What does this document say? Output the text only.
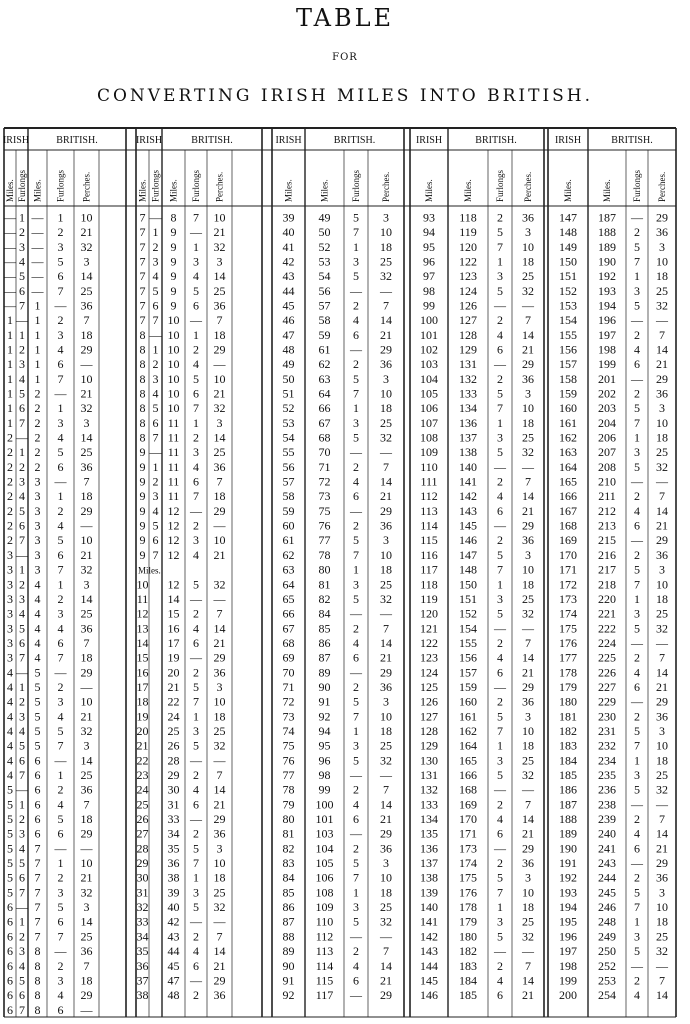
TABLE
FOR
CONVERTING IRISH MILES INTO BRITISH.
IRISH	BRITISH.
Miles. Furlongs Miles. Furlongs Perches.
— 1 — 1 10
— 2 — 2 21
— 3 — 3 32
— 4 — 5 3
— 5 — 6 14
— 6 — 7 25
— 7 1 — 36
1 — 1 2 7
1 1 1 3 18
1 2 1 4 29
1 3 1 6 —
1 4 1 7 10
1 5 2 — 21
1 6 2 1 32
1 7 2 3 3
2 — 2 4 14
2 1 2 5 25
2 2 2 6 36
2 3 3 — 7
2 4 3 1 18
2 5 3 2 29
2 6 3 4 —
2 7 3 5 10
3 — 3 6 21
3 1 3 7 32
3 2 4 1 3
3 3 4 2 14
3 4 4 3 25
3 5 4 4 36
3 6 4 6 7
3 7 4 7 18
4 — 5 — 29
4 1 5 2 —
4 2 5 3 10
4 3 5 4 21
4 4 5 5 32
4 5 5 7 3
4 6 6 — 14
4 7 6 1 25
5 — 6 2 36
5 1 6 4 7
5 2 6 5 18
5 3 6 6 29
5 4 7 — —
5 5 7 1 10
5 6 7 2 21
5 7 7 3 32
6 — 7 5 3
6 1 7 6 14
6 2 7 7 25
6 3 8 — 36
6 4 8 2 7
6 5 8 3 18
6 6 8 4 29
6 7 8 6 —
IRISH	BRITISH.
Miles. Furlongs Miles. Furlongs Perches.
7 — 8 7 10
7 1 9 — 21
7 2 9 1 32
7 3 9 3 3
7 4 9 4 14
7 5 9 5 25
7 6 9 6 36
7 7 10 — 7
8 — 10 1 18
8 1 10 2 29
8 2 10 4 —
8 3 10 5 10
8 4 10 6 21
8 5 10 7 32
8 6 11 1 3
8 7 11 2 14
9 — 11 3 25
9 1 11 4 36
9 2 11 6 7
9 3 11 7 18
9 4 12 — 29
9 5 12 2 —
9 6 12 3 10
9 7 12 4 21
Miles.
10 12 5 32
11 14 — —
12 15 2 7
13 16 4 14
14 17 6 21
15 19 — 29
16 20 2 36
17 21 5 3
18 22 7 10
19 24 1 18
20 25 3 25
21 26 5 32
22 28 — —
23 29 2 7
24 30 4 14
25 31 6 21
26 33 — 29
27 34 2 36
28 35 5 3
29 36 7 10
30 38 1 18
31 39 3 25
32 40 5 32
33 42 — —
34 43 2 7
35 44 4 14
36 45 6 21
37 47 — 29
38 48 2 36
IRISH	BRITISH.
Miles.	Miles. Furlongs Perches.
39 49 5 3
40 50 7 10
41 52 1 18
42 53 3 25
43 54 5 32
44 56 — —
45 57 2 7
46 58 4 14
47 59 6 21
48 61 — 29
49 62 2 36
50 63 5 3
51 64 7 10
52 66 1 18
53 67 3 25
54 68 5 32
55 70 — —
56 71 2 7
57 72 4 14
58 73 6 21
59 75 — 29
60 76 2 36
61 77 5 3
62 78 7 10
63 80 1 18
64 81 3 25
65 82 5 32
66 84 — —
67 85 2 7
68 86 4 14
69 87 6 21
70 89 — 29
71 90 2 36
72 91 5 3
73 92 7 10
74 94 1 18
75 95 3 25
76 96 5 32
77 98 — —
78 99 2 7
79 100 4 14
80 101 6 21
81 103 — 29
82 104 2 36
83 105 5 3
84 106 7 10
85 108 1 18
86 109 3 25
87 110 5 32
88 112 — —
89 113 2 7
90 114 4 14
91 115 6 21
92 117 — 29
IRISH	BRITISH.
Miles.	Miles. Furlongs Perches.
93 118 2 36
94 119 5 3
95 120 7 10
96 122 1 18
97 123 3 25
98 124 5 32
99 126 — —
100 127 2 7
101 128 4 14
102 129 6 21
103 131 — 29
104 132 2 36
105 133 5 3
106 134 7 10
107 136 1 18
108 137 3 25
109 138 5 32
110 140 — —
111 141 2 7
112 142 4 14
113 143 6 21
114 145 — 29
115 146 2 36
116 147 5 3
117 148 7 10
118 150 1 18
119 151 3 25
120 152 5 32
121 154 — —
122 155 2 7
123 156 4 14
124 157 6 21
125 159 — 29
126 160 2 36
127 161 5 3
128 162 7 10
129 164 1 18
130 165 3 25
131 166 5 32
132 168 — —
133 169 2 7
134 170 4 14
135 171 6 21
136 173 — 29
137 174 2 36
138 175 5 3
139 176 7 10
140 178 1 18
141 179 3 25
142 180 5 32
143 182 — —
144 183 2 7
145 184 4 14
146 185 6 21
IRISH	BRITISH.
Miles.	Miles. Furlongs Perches.
147 187 — 29
148 188 2 36
149 189 5 3
150 190 7 10
151 192 1 18
152 193 3 25
153 194 5 32
154 196 — —
155 197 2 7
156 198 4 14
157 199 6 21
158 201 — 29
159 202 2 36
160 203 5 3
161 204 7 10
162 206 1 18
163 207 3 25
164 208 5 32
165 210 — —
166 211 2 7
167 212 4 14
168 213 6 21
169 215 — 29
170 216 2 36
171 217 5 3
172 218 7 10
173 220 1 18
174 221 3 25
175 222 5 32
176 224 — —
177 225 2 7
178 226 4 14
179 227 6 21
180 229 — 29
181 230 2 36
182 231 5 3
183 232 7 10
184 234 1 18
185 235 3 25
186 236 5 32
187 238 — —
188 239 2 7
189 240 4 14
190 241 6 21
191 243 — 29
192 244 2 36
193 245 5 3
194 246 7 10
195 248 1 18
196 249 3 25
197 250 5 32
198 252 — —
199 253 2 7
200 254 4 14
